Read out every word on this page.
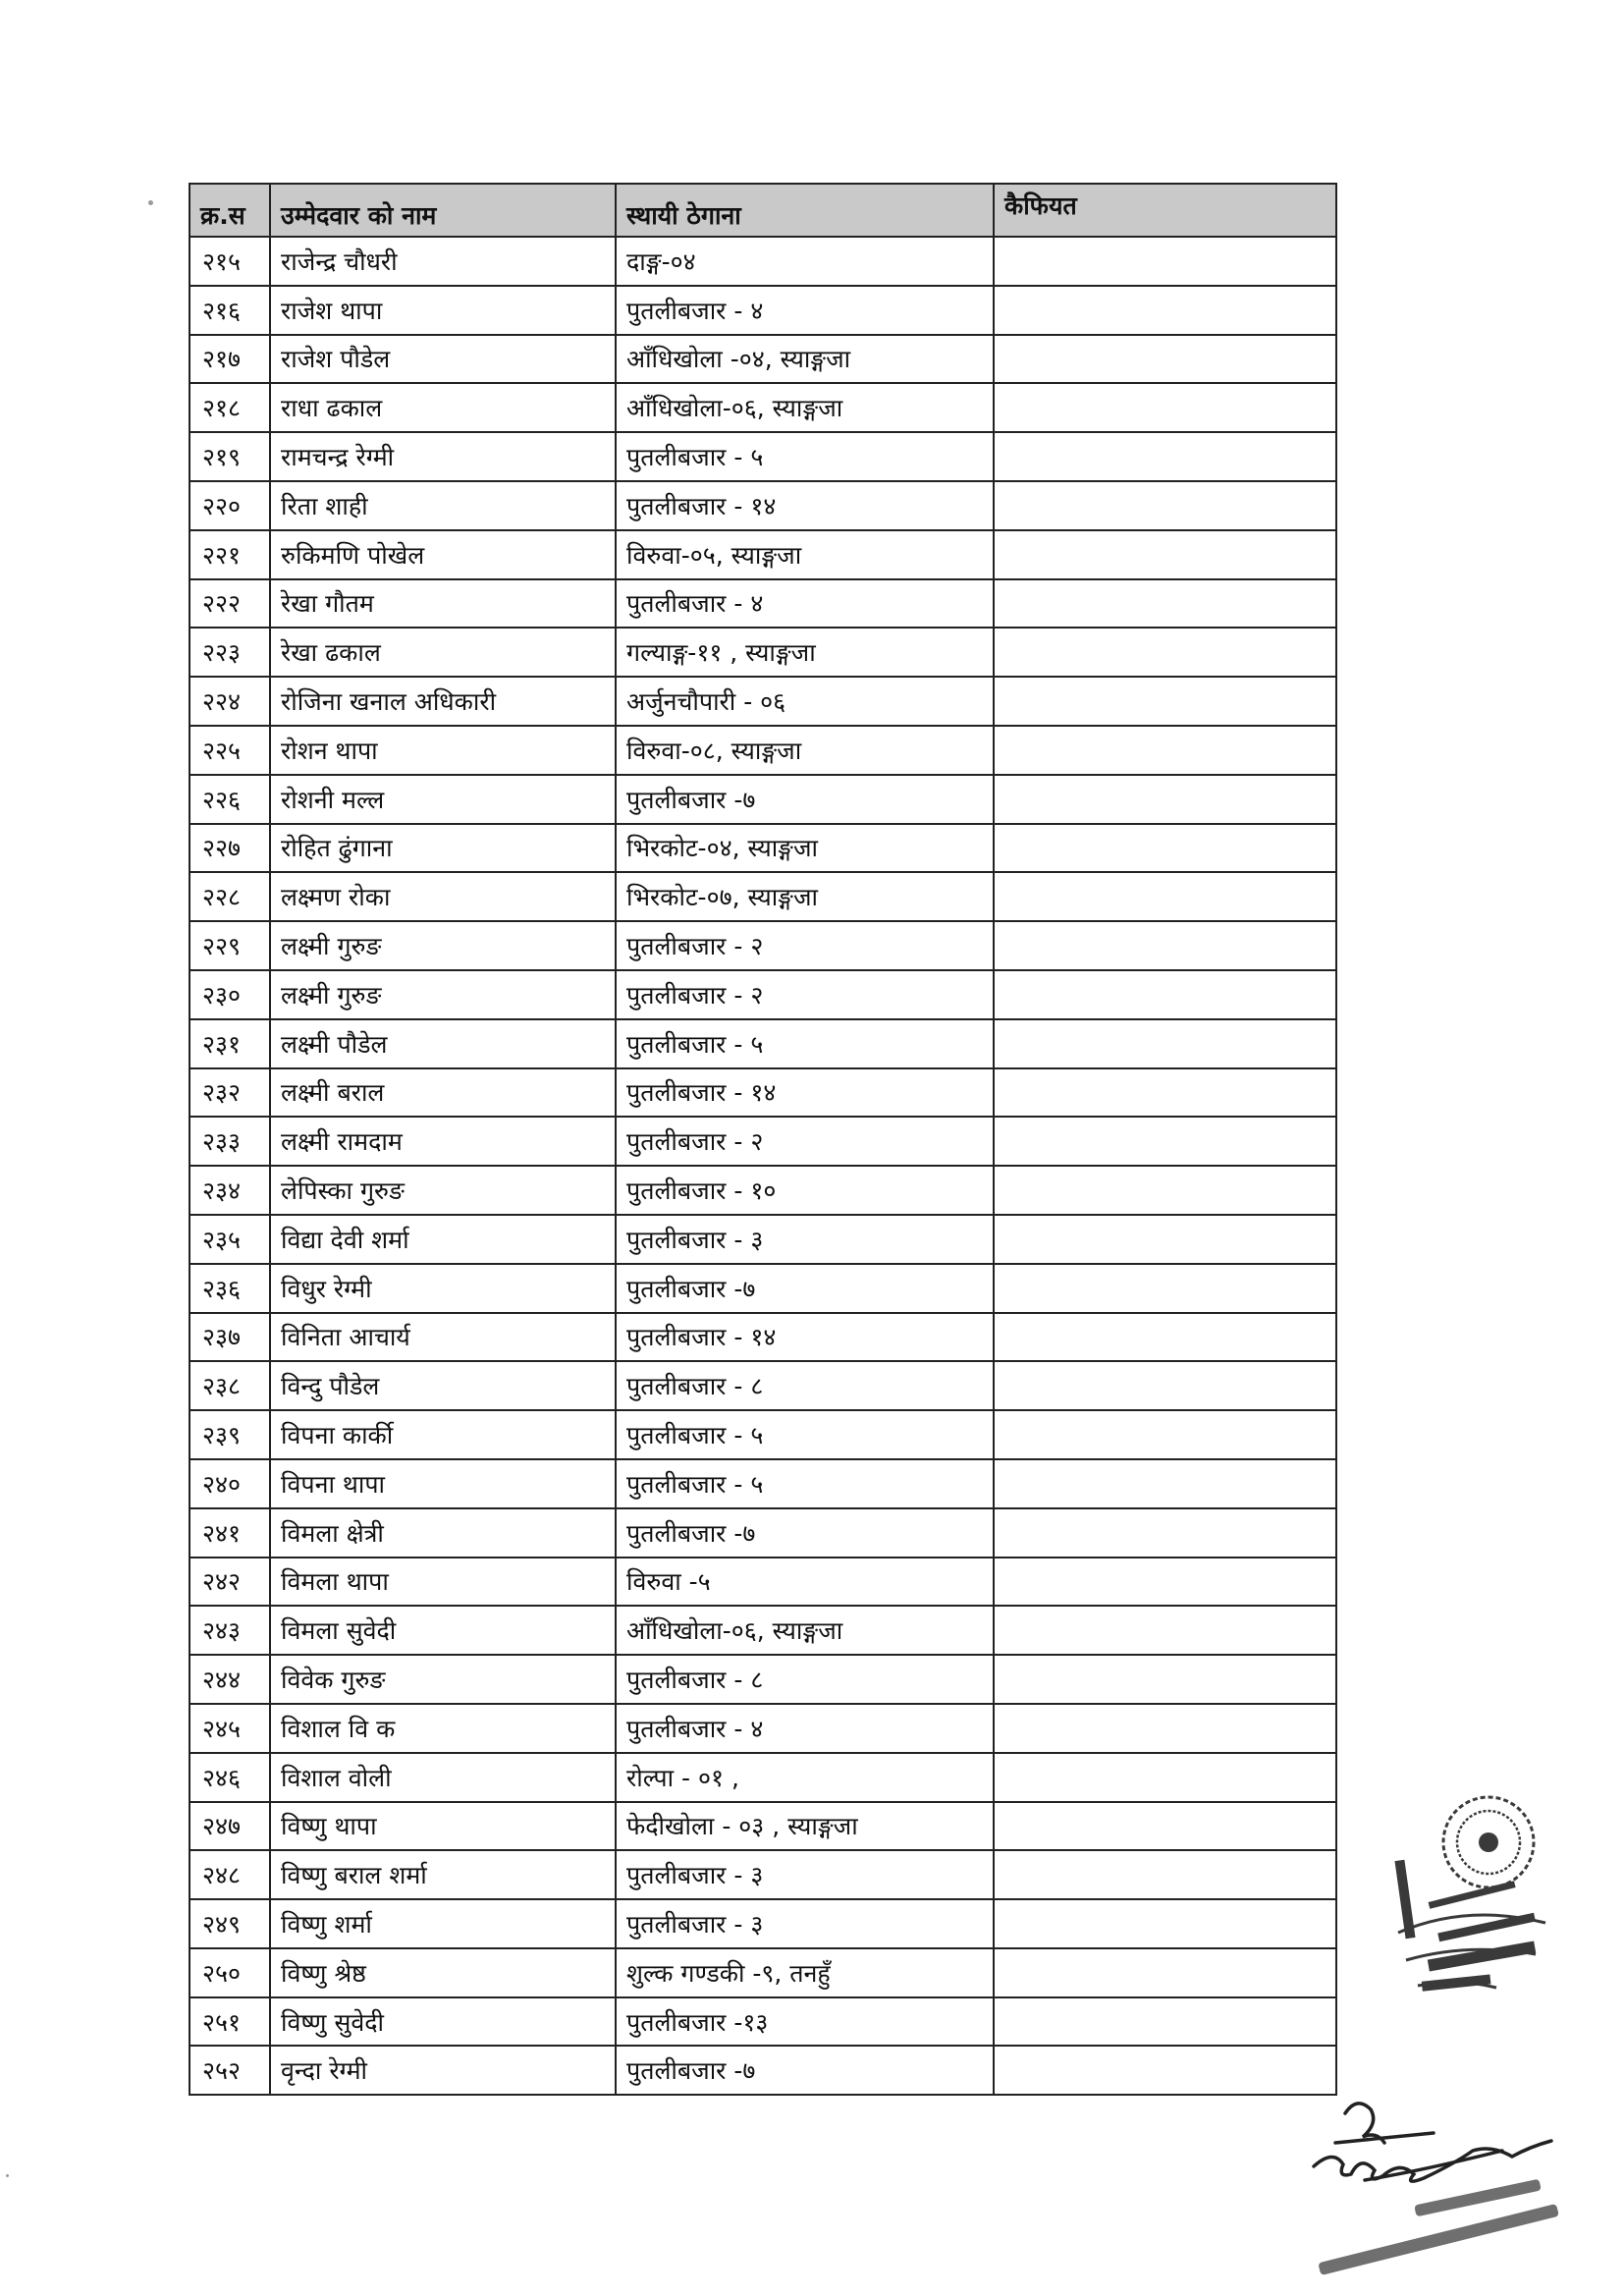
क्र.स	उम्मेदवार को नाम	स्थायी ठेगाना	कैफियत
२१५	राजेन्द्र चौधरी	दाङ्ग-०४	
२१६	राजेश थापा	पुतलीबजार - ४	
२१७	राजेश पौडेल	आँधिखोला -०४, स्याङ्गजा	
२१८	राधा ढकाल	आँधिखोला-०६, स्याङ्गजा	
२१९	रामचन्द्र रेग्मी	पुतलीबजार - ५	
२२०	रिता शाही	पुतलीबजार - १४	
२२१	रुकिमणि पोखेल	विरुवा-०५, स्याङ्गजा	
२२२	रेखा गौतम	पुतलीबजार - ४	
२२३	रेखा ढकाल	गल्याङ्ग-११ , स्याङ्गजा	
२२४	रोजिना खनाल अधिकारी	अर्जुनचौपारी - ०६	
२२५	रोशन थापा	विरुवा-०८, स्याङ्गजा	
२२६	रोशनी मल्ल	पुतलीबजार -७	
२२७	रोहित ढुंगाना	भिरकोट-०४, स्याङ्गजा	
२२८	लक्ष्मण रोका	भिरकोट-०७, स्याङ्गजा	
२२९	लक्ष्मी गुरुङ	पुतलीबजार - २	
२३०	लक्ष्मी गुरुङ	पुतलीबजार - २	
२३१	लक्ष्मी पौडेल	पुतलीबजार - ५	
२३२	लक्ष्मी बराल	पुतलीबजार - १४	
२३३	लक्ष्मी रामदाम	पुतलीबजार - २	
२३४	लेपिस्का गुरुङ	पुतलीबजार - १०	
२३५	विद्या देवी शर्मा	पुतलीबजार - ३	
२३६	विधुर रेग्मी	पुतलीबजार -७	
२३७	विनिता आचार्य	पुतलीबजार - १४	
२३८	विन्दु पौडेल	पुतलीबजार - ८	
२३९	विपना कार्की	पुतलीबजार - ५	
२४०	विपना थापा	पुतलीबजार - ५	
२४१	विमला क्षेत्री	पुतलीबजार -७	
२४२	विमला थापा	विरुवा -५	
२४३	विमला सुवेदी	आँधिखोला-०६, स्याङ्गजा	
२४४	विवेक गुरुङ	पुतलीबजार - ८	
२४५	विशाल वि क	पुतलीबजार - ४	
२४६	विशाल वोली	रोल्पा - ०१ ,	
२४७	विष्णु थापा	फेदीखोला - ०३ , स्याङ्गजा	
२४८	विष्णु बराल शर्मा	पुतलीबजार - ३	
२४९	विष्णु शर्मा	पुतलीबजार - ३	
२५०	विष्णु श्रेष्ठ	शुल्क गण्डकी -९, तनहुँ	
२५१	विष्णु सुवेदी	पुतलीबजार -१३	
२५२	वृन्दा रेग्मी	पुतलीबजार -७	
